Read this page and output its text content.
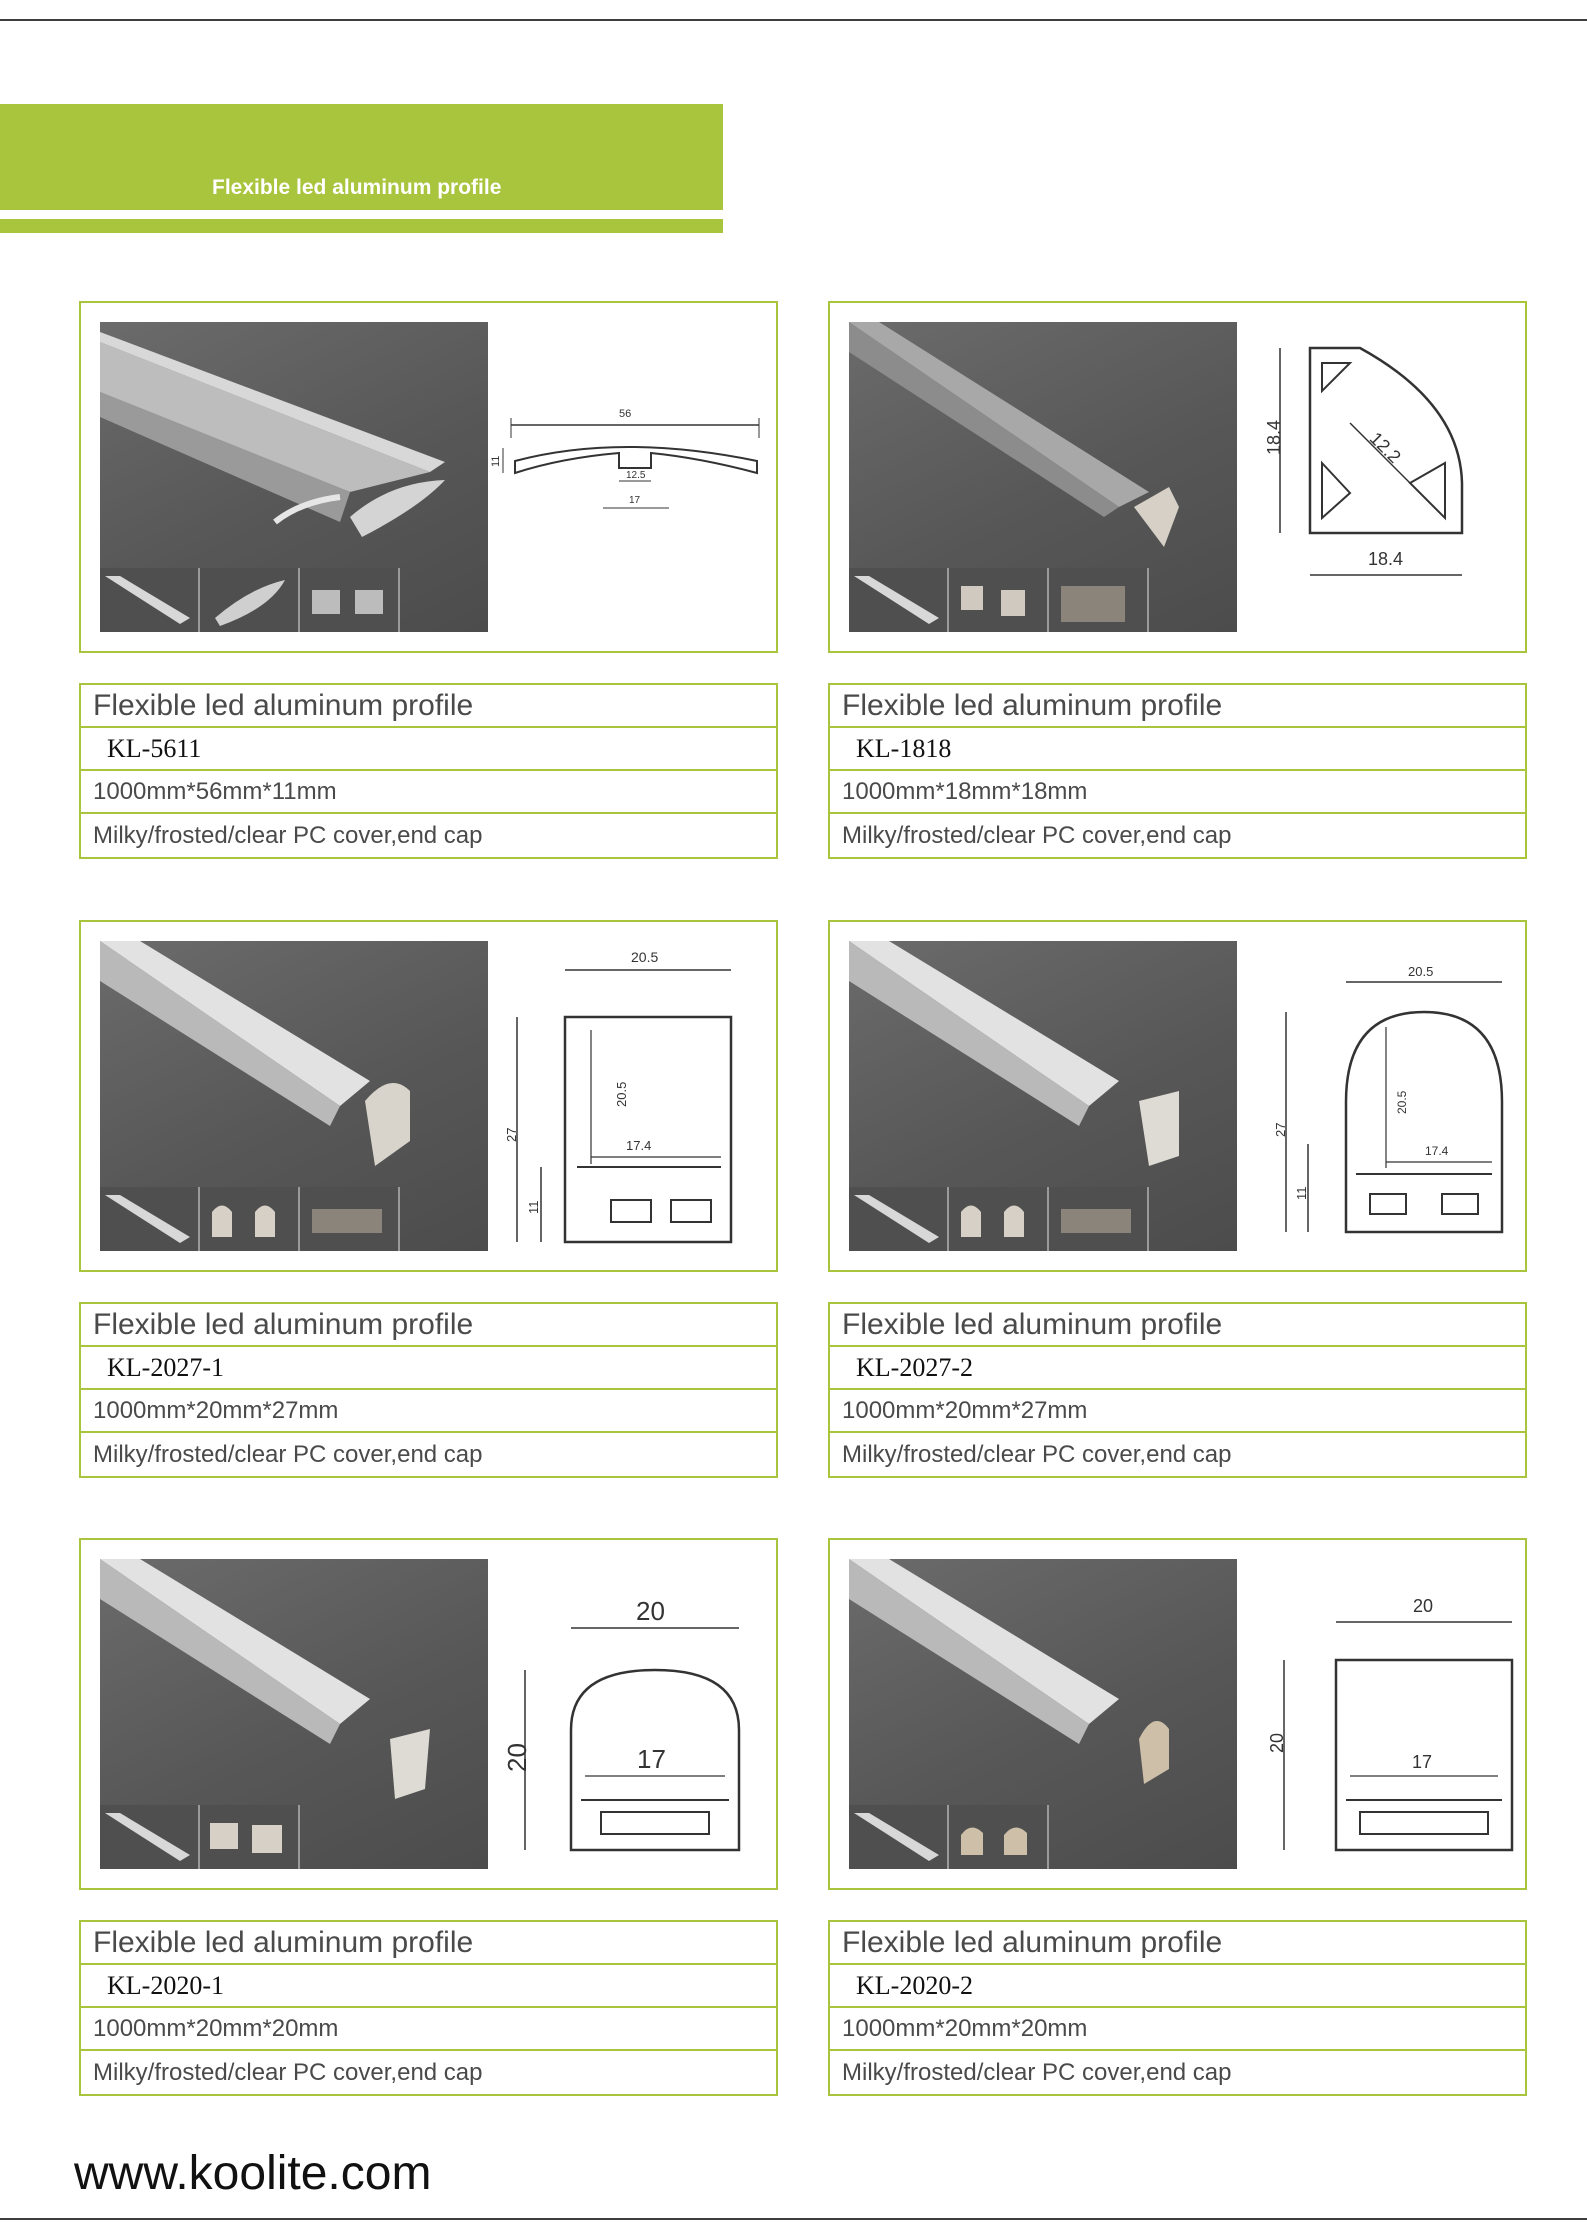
Flexible led aluminum profile
56
11
12.5
17
Flexible led aluminum profile
KL-5611
1000mm*56mm*11mm
Milky/frosted/clear PC cover,end cap
12.2
18.4
18.4
Flexible led aluminum profile
KL-1818
1000mm*18mm*18mm
Milky/frosted/clear PC cover,end cap
20.5
20.5
17.4
27
11
Flexible led aluminum profile
KL-2027-1
1000mm*20mm*27mm
Milky/frosted/clear PC cover,end cap
20.5
20.5
17.4
27
11
Flexible led aluminum profile
KL-2027-2
1000mm*20mm*27mm
Milky/frosted/clear PC cover,end cap
20
17
20
Flexible led aluminum profile
KL-2020-1
1000mm*20mm*20mm
Milky/frosted/clear PC cover,end cap
20
17
20
Flexible led aluminum profile
KL-2020-2
1000mm*20mm*20mm
Milky/frosted/clear PC cover,end cap
www.koolite.com
